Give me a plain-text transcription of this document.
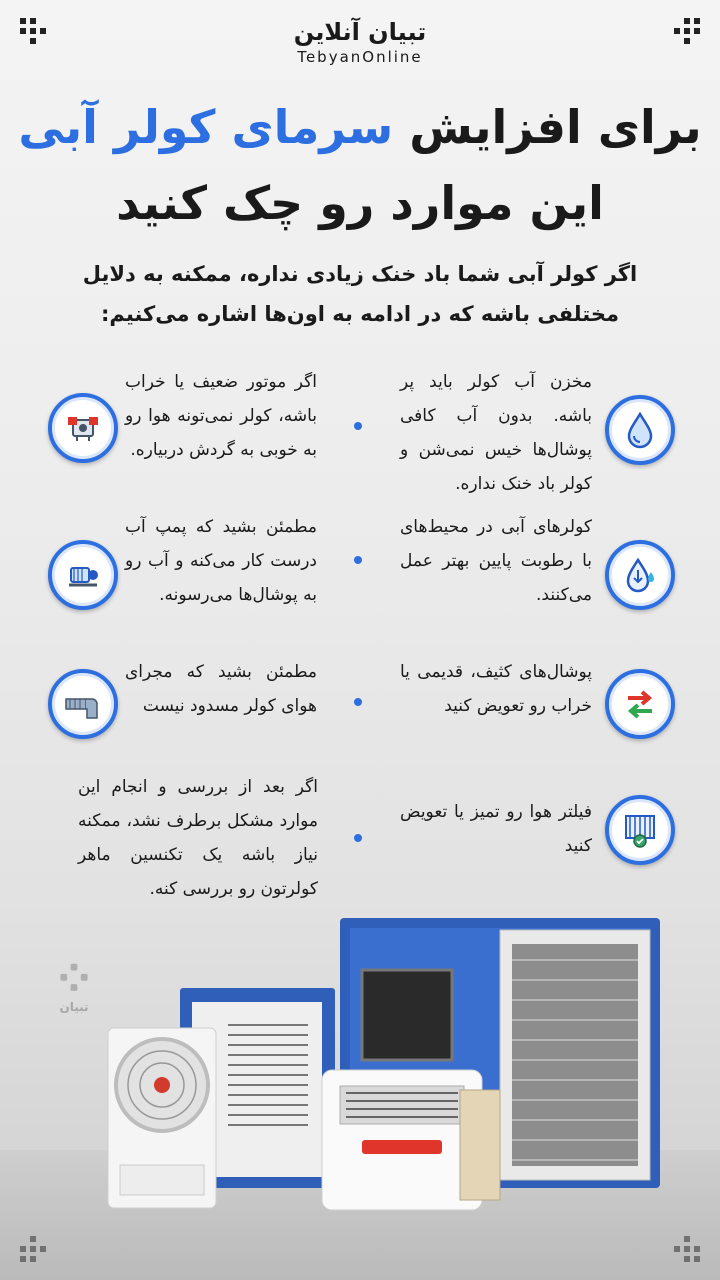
تبیان آنلاین
TebyanOnline
برای افزایش سرمای کولر آبی
این موارد رو چک کنید
اگر کولر آبی شما باد خنک زیادی نداره، ممکنه به دلایل مختلفی باشه که در ادامه به اون‌ها اشاره می‌کنیم:
مخزن آب کولر باید پر باشه. بدون آب کافی پوشال‌ها خیس نمی‌شن و کولر باد خنک نداره.
کولرهای آبی در محیط‌های با رطوبت پایین بهتر عمل می‌کنند.
پوشال‌های کثیف، قدیمی یا خراب رو تعویض کنید
فیلتر هوا رو تمیز یا تعویض کنید
اگر موتور ضعیف یا خراب باشه، کولر نمی‌تونه هوا رو به خوبی به گردش دربیاره.
مطمئن بشید که پمپ آب درست کار می‌کنه و آب رو به پوشال‌ها می‌رسونه.
مطمئن بشید که مجرای هوای کولر مسدود نیست
اگر بعد از بررسی و انجام این موارد مشکل برطرف نشد، ممکنه نیاز باشه یک تکنسین ماهر کولرتون رو بررسی کنه.
تبیان
